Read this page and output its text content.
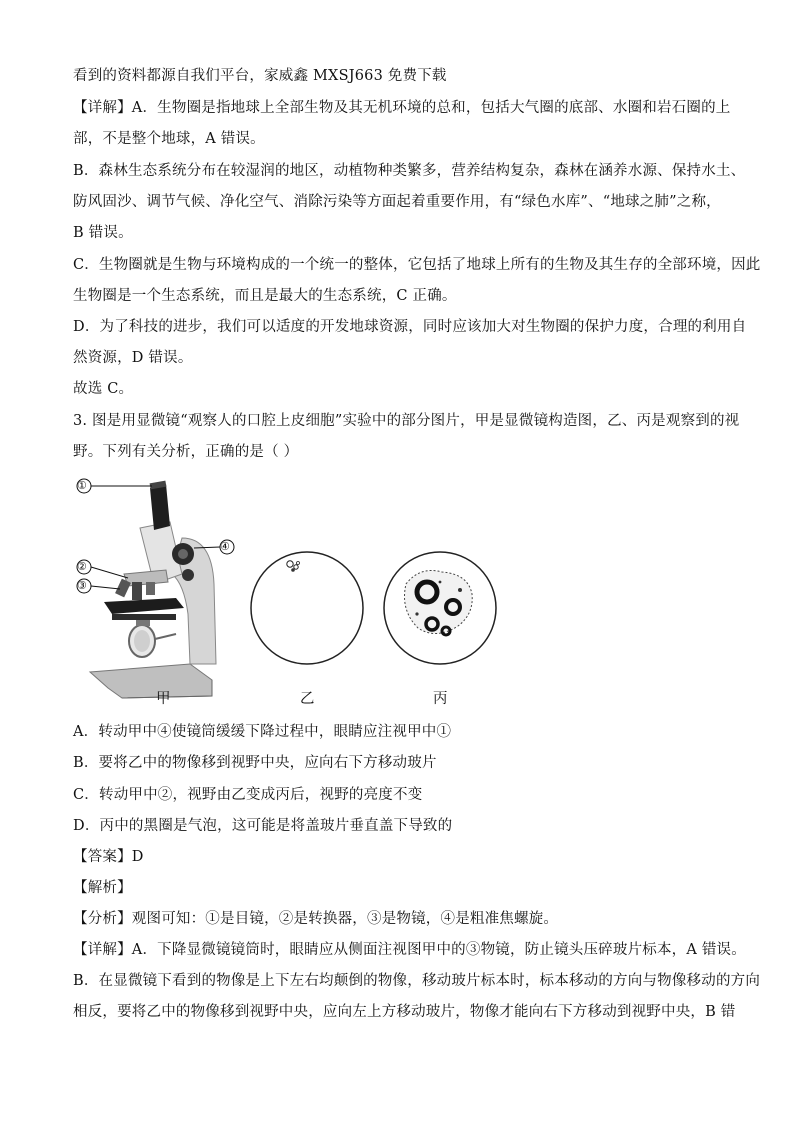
看到的资料都源自我们平台，家威鑫 MXSJ663 免费下载
【详解】A．生物圈是指地球上全部生物及其无机环境的总和，包括大气圈的底部、水圈和岩石圈的上
部，不是整个地球，A 错误。
B．森林生态系统分布在较湿润的地区，动植物种类繁多，营养结构复杂，森林在涵养水源、保持水土、
防风固沙、调节气候、净化空气、消除污染等方面起着重要作用，有“绿色水库”、“地球之肺”之称，
B 错误。
C．生物圈就是生物与环境构成的一个统一的整体，它包括了地球上所有的生物及其生存的全部环境，因此
生物圈是一个生态系统，而且是最大的生态系统，C 正确。
D．为了科技的进步，我们可以适度的开发地球资源，同时应该加大对生物圈的保护力度，合理的利用自
然资源，D 错误。
故选 C。
3. 图是用显微镜“观察人的口腔上皮细胞”实验中的部分图片，甲是显微镜构造图，乙、丙是观察到的视
野。下列有关分析，正确的是（ ）
①
②
③
④
甲	乙	丙
A．转动甲中④使镜筒缓缓下降过程中，眼睛应注视甲中①
B．要将乙中的物像移到视野中央，应向右下方移动玻片
C．转动甲中②，视野由乙变成丙后，视野的亮度不变
D．丙中的黑圈是气泡，这可能是将盖玻片垂直盖下导致的
【答案】D
【解析】
【分析】观图可知：①是目镜，②是转换器，③是物镜，④是粗准焦螺旋。
【详解】A．下降显微镜镜筒时，眼睛应从侧面注视图甲中的③物镜，防止镜头压碎玻片标本，A 错误。
B．在显微镜下看到的物像是上下左右均颠倒的物像，移动玻片标本时，标本移动的方向与物像移动的方向
相反，要将乙中的物像移到视野中央，应向左上方移动玻片，物像才能向右下方移动到视野中央，B 错
